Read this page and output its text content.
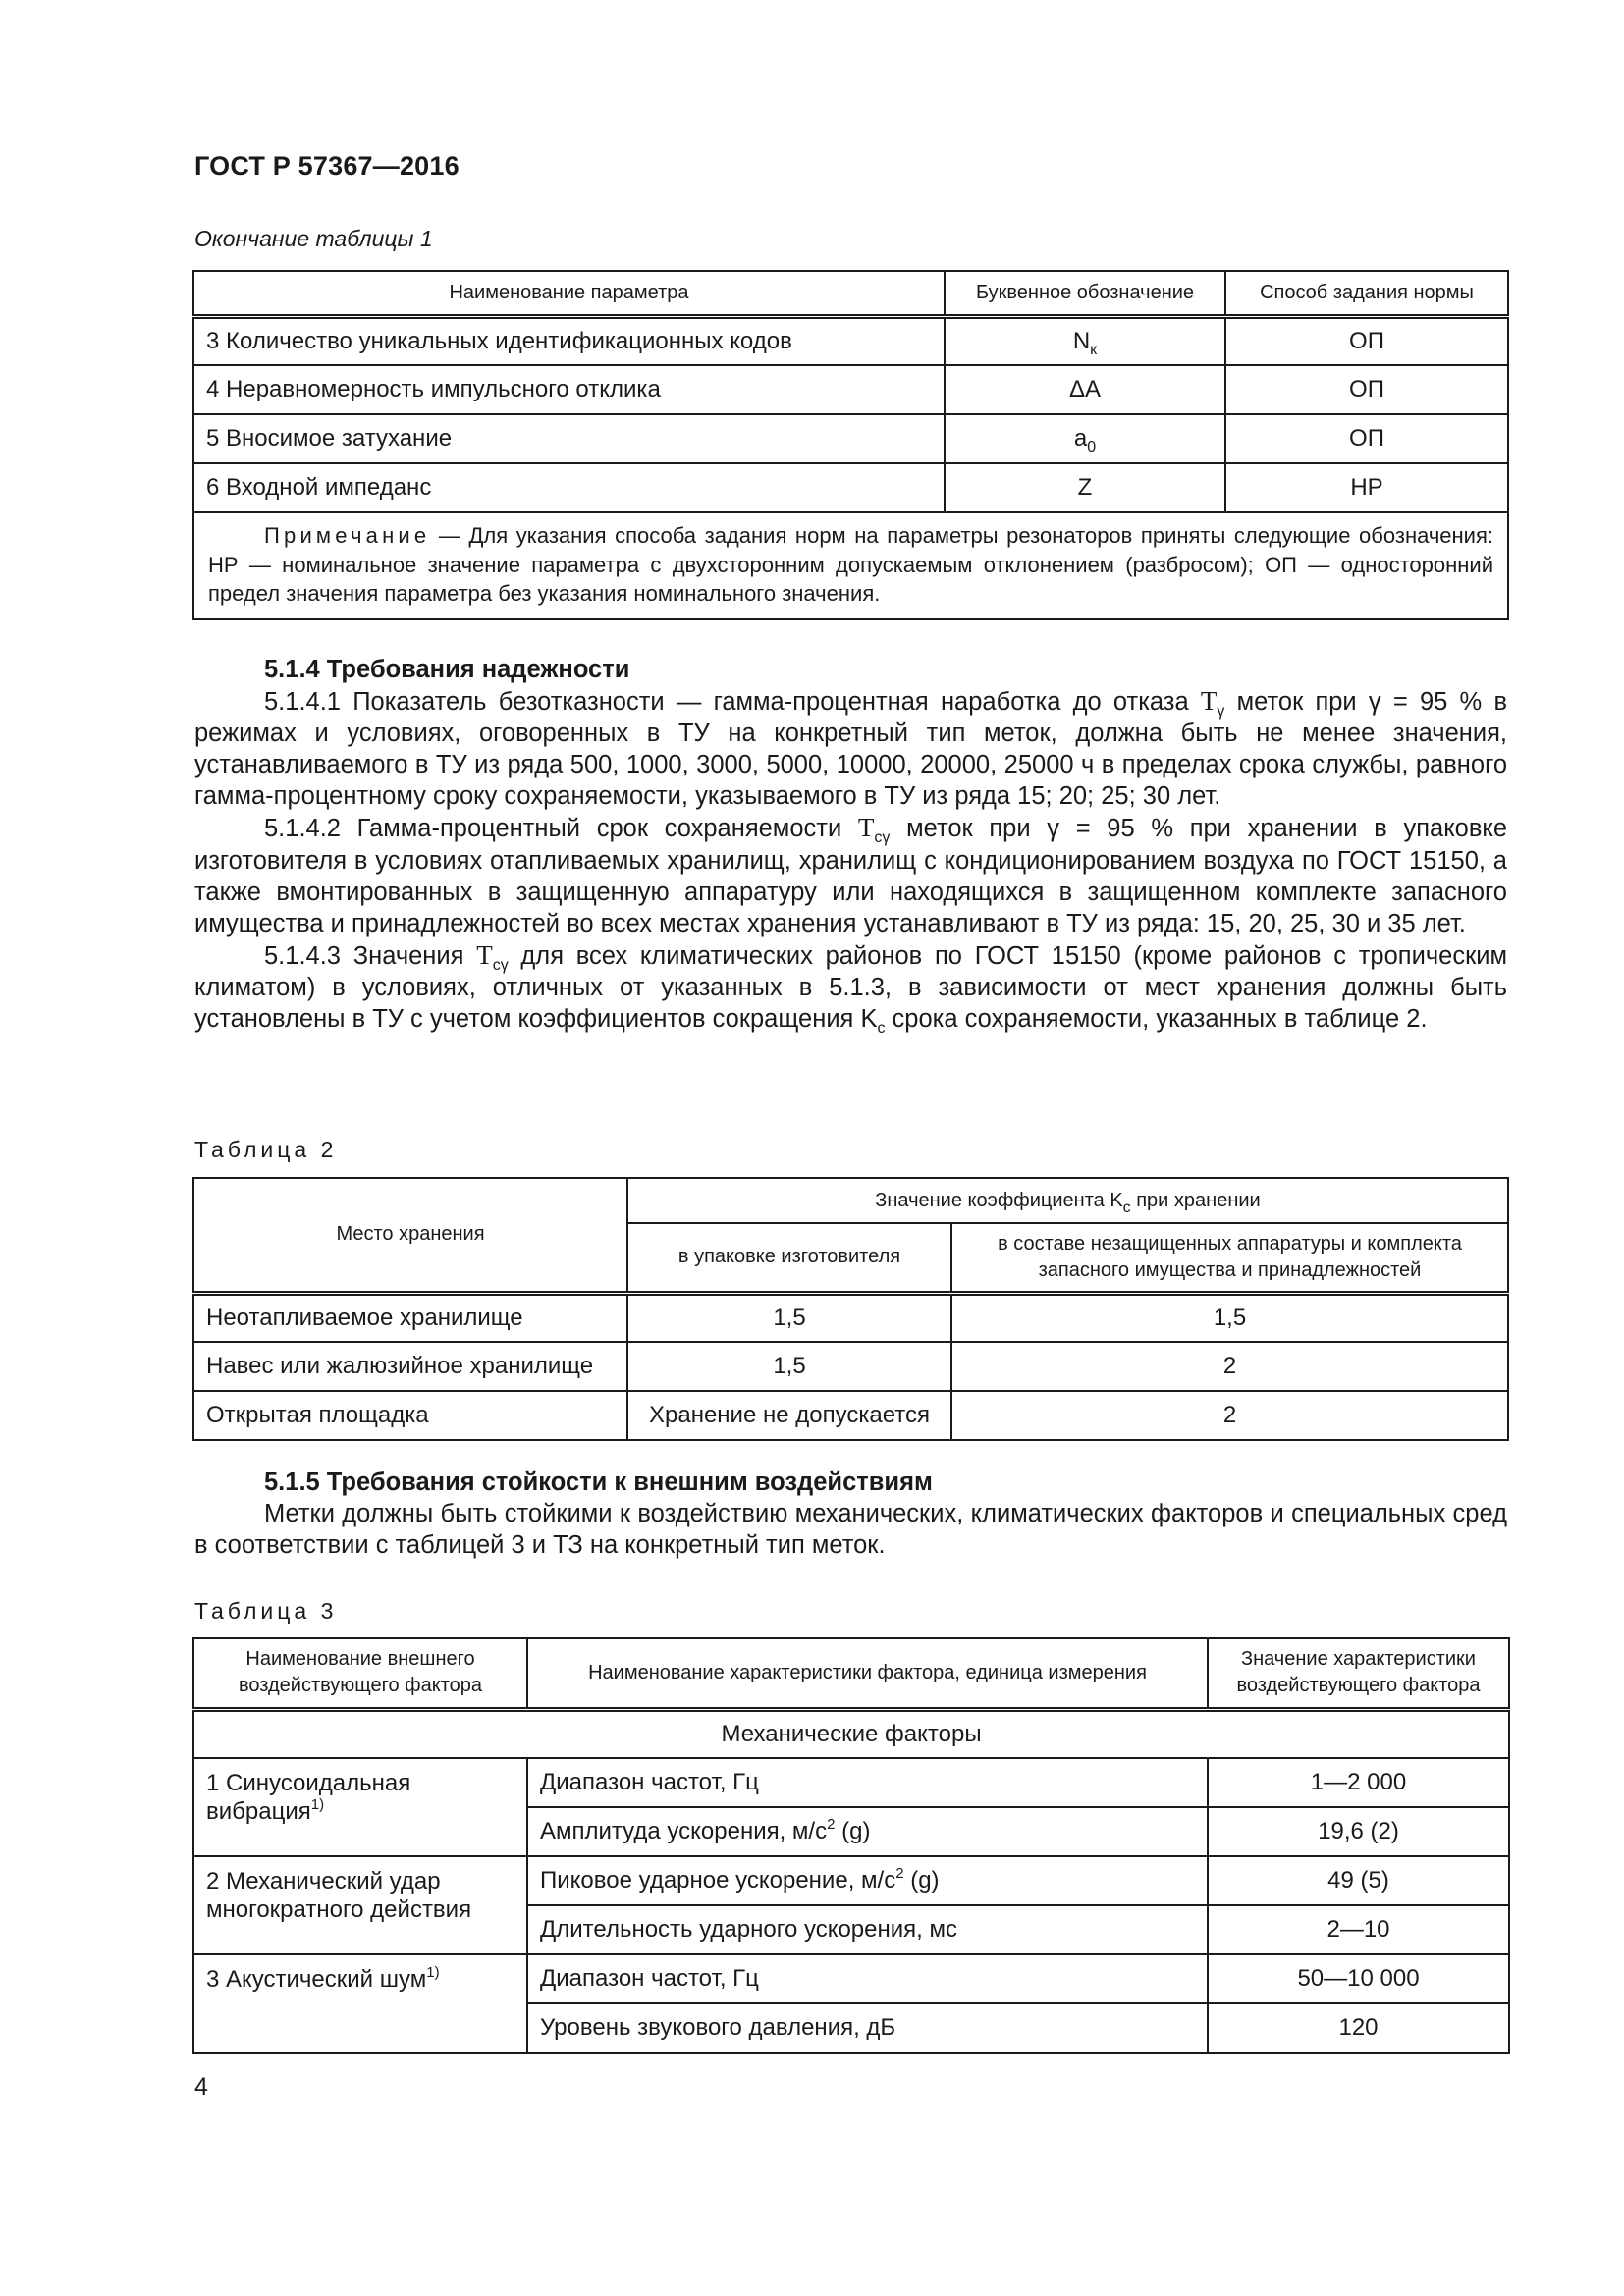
ГОСТ Р 57367—2016
Окончание таблицы 1
Наименование параметра	Буквенное обозначение	Способ задания нормы
3 Количество уникальных идентификационных кодов	$N_к$	ОП
4 Неравномерность импульсного отклика	ΔA	ОП
5 Вносимое затухание	$a_0$	ОП
6 Входной импеданс	Z	НР
Примечание — Для указания способа задания норм на параметры резонаторов приняты следующие обозначения: НР — номинальное значение параметра с двухсторонним допускаемым отклонением (разбросом); ОП — односторонний предел значения параметра без указания номинального значения.		

5.1.4 Требования надежности

5.1.4.1 Показатель безотказности — гамма-процентная наработка до отказа $T_\gamma$ меток при γ = 95 % в режимах и условиях, оговоренных в ТУ на конкретный тип меток, должна быть не менее значения, устанавливаемого в ТУ из ряда 500, 1000, 3000, 5000, 10000, 20000, 25000 ч в пределах срока службы, равного гамма-процентному сроку сохраняемости, указываемого в ТУ из ряда 15; 20; 25; 30 лет.

5.1.4.2 Гамма-процентный срок сохраняемости $T_{с\gamma}$ меток при γ = 95 % при хранении в упаковке изготовителя в условиях отапливаемых хранилищ, хранилищ с кондиционированием воздуха по ГОСТ 15150, а также вмонтированных в защищенную аппаратуру или находящихся в защищенном комплекте запасного имущества и принадлежностей во всех местах хранения устанавливают в ТУ из ряда: 15, 20, 25, 30 и 35 лет.

5.1.4.3 Значения $T_{с\gamma}$ для всех климатических районов по ГОСТ 15150 (кроме районов с тропическим климатом) в условиях, отличных от указанных в 5.1.3, в зависимости от мест хранения должны быть установлены в ТУ с учетом коэффициентов сокращения $K_с$ срока сохраняемости, указанных в таблице 2.

Таблица 2
Место хранения	Значение коэффициента $K_с$ при хранении	
	в упаковке изготовителя	в составе незащищенных аппаратуры и комплекта запасного имущества и принадлежностей
Неотапливаемое хранилище	1,5	1,5
Навес или жалюзийное хранилище	1,5	2
Открытая площадка	Хранение не допускается	2

5.1.5 Требования стойкости к внешним воздействиям

Метки должны быть стойкими к воздействию механических, климатических факторов и специальных сред в соответствии с таблицей 3 и ТЗ на конкретный тип меток.

Таблица 3
Наименование внешнего воздействующего фактора	Наименование характеристики фактора, единица измерения	Значение характеристики воздействующего фактора
Механические факторы		
1 Синусоидальная вибрация$^{1)}$	Диапазон частот, Гц	1—2 000
	Амплитуда ускорения, $м/с^2$ (g)	19,6 (2)
2 Механический удар многократного действия	Пиковое ударное ускорение, $м/с^2$ (g)	49 (5)
	Длительность ударного ускорения, мс	2—10
3 Акустический шум$^{1)}$	Диапазон частот, Гц	50—10 000
	Уровень звукового давления, дБ	120
4
